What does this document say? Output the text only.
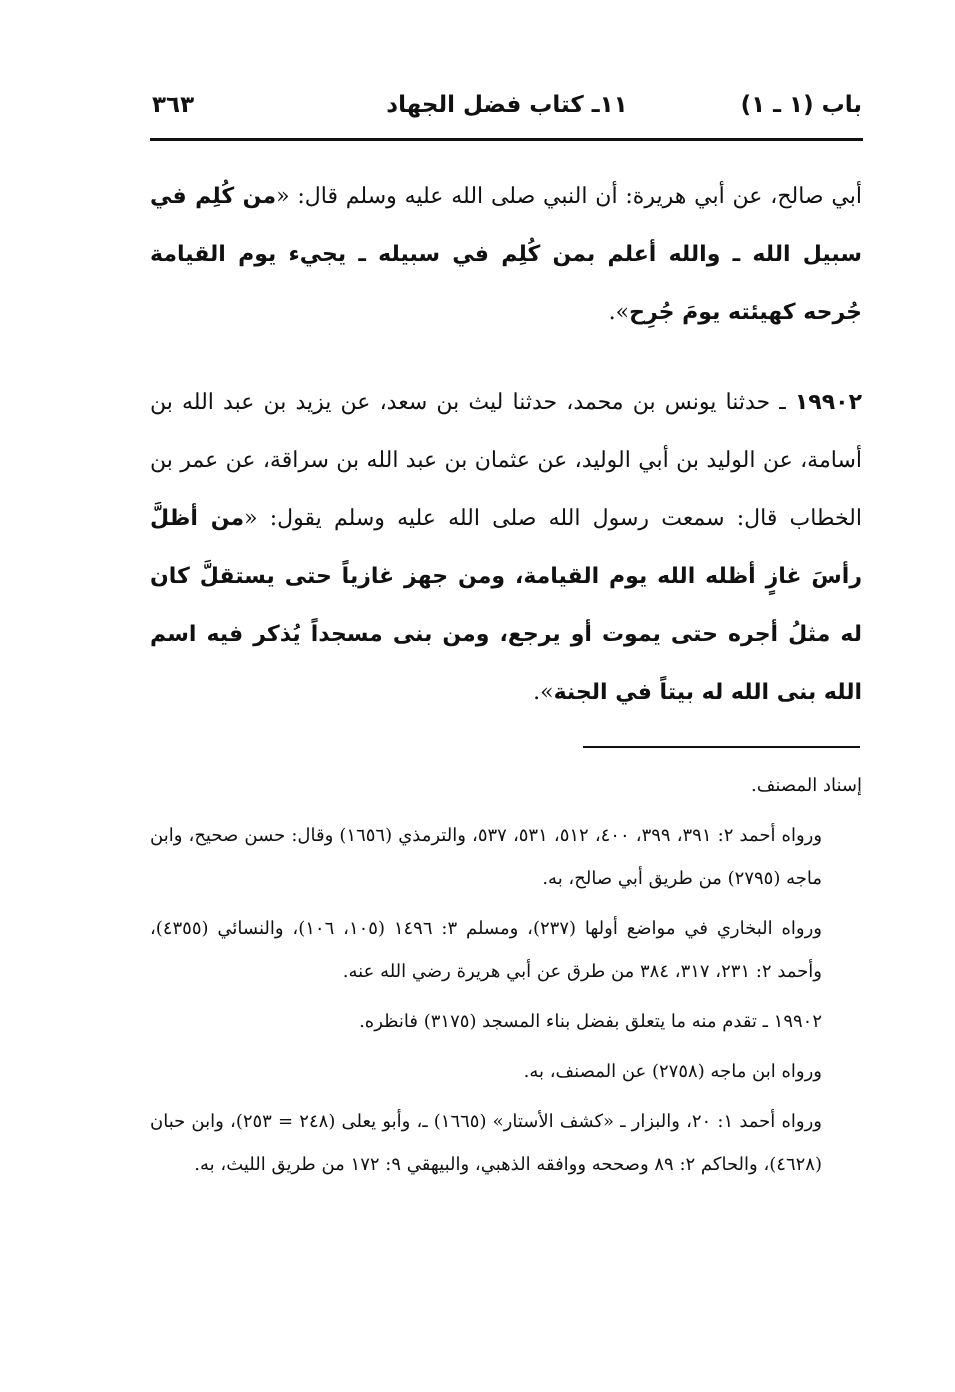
باب (١ ـ ١)
١١ـ كتاب فضل الجهاد
٣٦٣

أبي صالح، عن أبي هريرة: أن النبي صلى الله عليه وسلم قال: «من كُلِم في سبيل الله ـ والله أعلم بمن كُلِم في سبيله ـ يجيء يوم القيامة جُرحه كهيئته يومَ جُرِح».

١٩٩٠٢ ـ حدثنا يونس بن محمد، حدثنا ليث بن سعد، عن يزيد بن عبد الله بن أسامة، عن الوليد بن أبي الوليد، عن عثمان بن عبد الله بن سراقة، عن عمر بن الخطاب قال: سمعت رسول الله صلى الله عليه وسلم يقول: «من أظلَّ رأسَ غازٍ أظله الله يوم القيامة، ومن جهز غازياً حتى يستقلَّ كان له مثلُ أجره حتى يموت أو يرجع، ومن بنى مسجداً يُذكر فيه اسم الله بنى الله له بيتاً في الجنة».

إسناد المصنف.

ورواه أحمد ٢: ٣٩١، ٣٩٩، ٤٠٠، ٥١٢، ٥٣١، ٥٣٧، والترمذي (١٦٥٦) وقال: حسن صحيح، وابن ماجه (٢٧٩٥) من طريق أبي صالح، به.

ورواه البخاري في مواضع أولها (٢٣٧)، ومسلم ٣: ١٤٩٦ (١٠٥، ١٠٦)، والنسائي (٤٣٥٥)، وأحمد ٢: ٢٣١، ٣١٧، ٣٨٤ من طرق عن أبي هريرة رضي الله عنه.

١٩٩٠٢ ـ تقدم منه ما يتعلق بفضل بناء المسجد (٣١٧٥) فانظره.

ورواه ابن ماجه (٢٧٥٨) عن المصنف، به.

ورواه أحمد ١: ٢٠، والبزار ـ «كشف الأستار» (١٦٦٥) ـ، وأبو يعلى (٢٤٨ = ٢٥٣)، وابن حبان (٤٦٢٨)، والحاكم ٢: ٨٩ وصححه ووافقه الذهبي، والبيهقي ٩: ١٧٢ من طريق الليث، به.
